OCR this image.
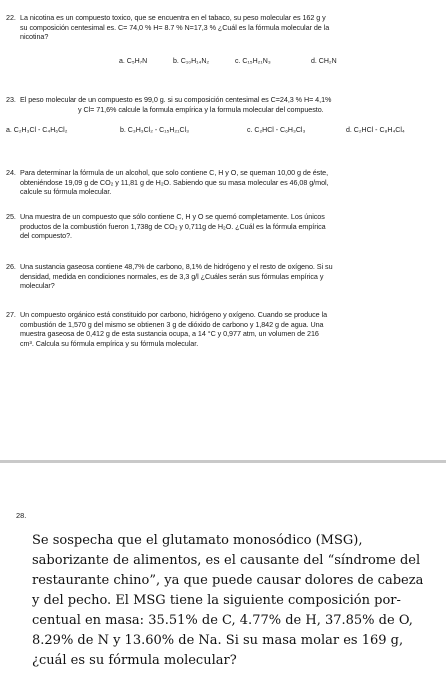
22. La nicotina es un compuesto toxico, que se encuentra en el tabaco, su peso molecular es 162 g y
su composición centesimal es. C= 74,0 % H= 8.7 % N=17,3 % ¿Cuál es la fórmula molecular de la
nicotina?
a. C₅H₇N	b. C₁₀H₁₄N₂	c. C₁₅H₂₁N₃	d. CH₂N
23. El peso molecular de un compuesto es 99,0 g. si su composición centesimal es C=24,3 % H= 4,1%
y Cl= 71,6% calcule la formula empírica y la formula molecular del compuesto.
a. C₂H₃Cl - C₄H₆Cl₂	b. C₃H₃Cl₂ - C₁₅H₂₁Cl₃	c. C₂HCl - C₆H₃Cl₃	d. C₂HCl - C₈H₄Cl₄
24. Para determinar la fórmula de un alcohol, que solo contiene C, H y O, se queman 10,00 g de éste,
obteniéndose 19,09 g de CO₂ y 11,81 g de H₂O. Sabiendo que su masa molecular es 46,08 g/mol,
calcule su fórmula molecular.
25. Una muestra de un compuesto que sólo contiene C, H y O se quemó completamente. Los únicos
productos de la combustión fueron 1,738g de CO₂ y 0,711g de H₂O. ¿Cuál es la fórmula empírica
del compuesto?.
26. Una sustancia gaseosa contiene 48,7% de carbono, 8,1% de hidrógeno y el resto de oxígeno. Si su
densidad, medida en condiciones normales, es de 3,3 g/l ¿Cuáles serán sus fórmulas empírica y
molecular?
27. Un compuesto orgánico está constituido por carbono, hidrógeno y oxígeno. Cuando se produce la
combustión de 1,570 g del mismo se obtienen 3 g de dióxido de carbono y 1,842 g de agua. Una
muestra gaseosa de 0,412 g de esta sustancia ocupa, a 14 °C y 0,977 atm, un volumen de 216
cm³. Calcula su fórmula empírica y su fórmula molecular.
28.
Se sospecha que el glutamato monosódico (MSG),
saborizante de alimentos, es el causante del “síndrome del
restaurante chino”, ya que puede causar dolores de cabeza
y del pecho. El MSG tiene la siguiente composición por-
centual en masa: 35.51% de C, 4.77% de H, 37.85% de O,
8.29% de N y 13.60% de Na. Si su masa molar es 169 g,
¿cuál es su fórmula molecular?
